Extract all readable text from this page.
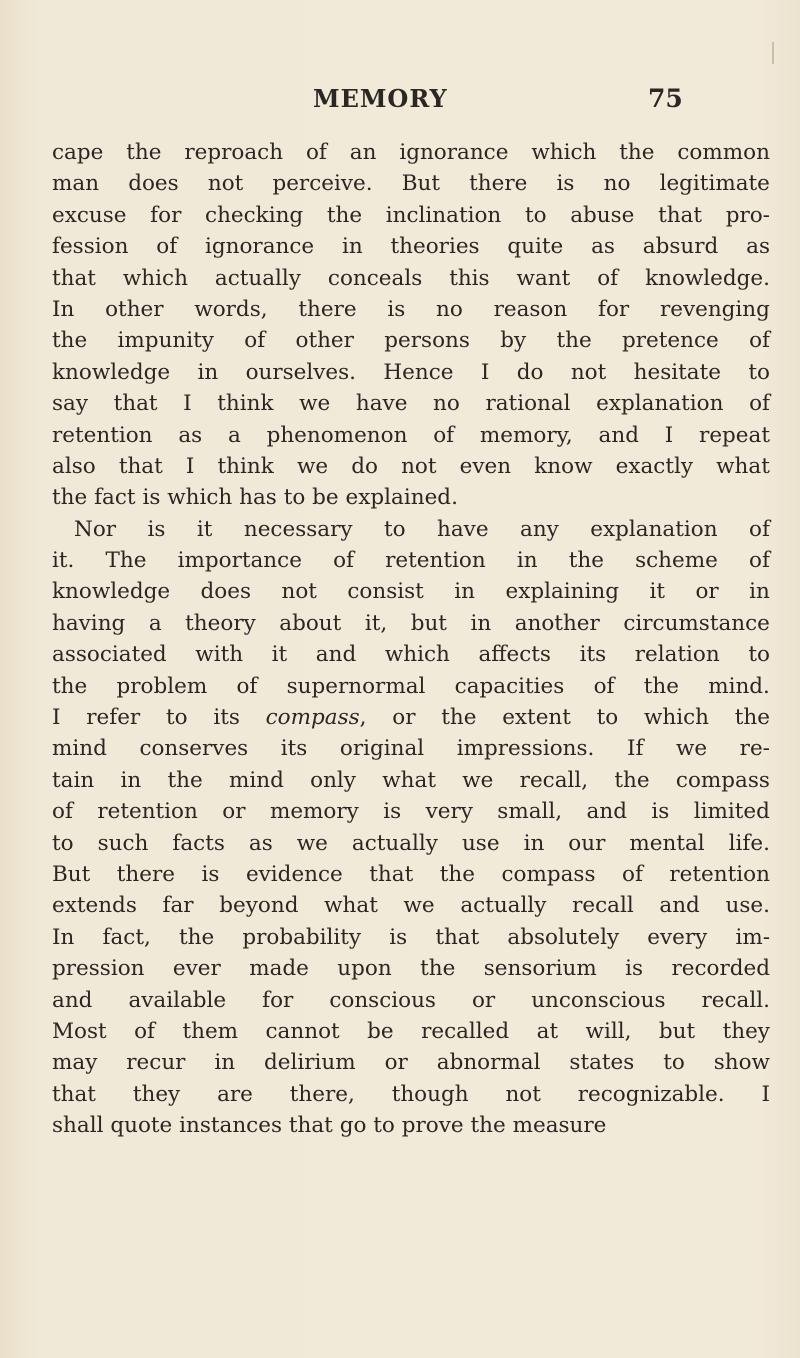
MEMORY	75
cape the reproach of an ignorance which the common
man does not perceive. But there is no legitimate
excuse for checking the inclination to abuse that pro-
fession of ignorance in theories quite as absurd as
that which actually conceals this want of knowledge.
In other words, there is no reason for revenging
the impunity of other persons by the pretence of
knowledge in ourselves. Hence I do not hesitate to
say that I think we have no rational explanation of
retention as a phenomenon of memory, and I repeat
also that I think we do not even know exactly what
the fact is which has to be explained.
Nor is it necessary to have any explanation of
it. The importance of retention in the scheme of
knowledge does not consist in explaining it or in
having a theory about it, but in another circumstance
associated with it and which affects its relation to
the problem of supernormal capacities of the mind.
I refer to its compass, or the extent to which the
mind conserves its original impressions. If we re-
tain in the mind only what we recall, the compass
of retention or memory is very small, and is limited
to such facts as we actually use in our mental life.
But there is evidence that the compass of retention
extends far beyond what we actually recall and use.
In fact, the probability is that absolutely every im-
pression ever made upon the sensorium is recorded
and available for conscious or unconscious recall.
Most of them cannot be recalled at will, but they
may recur in delirium or abnormal states to show
that they are there, though not recognizable. I
shall quote instances that go to prove the measure
